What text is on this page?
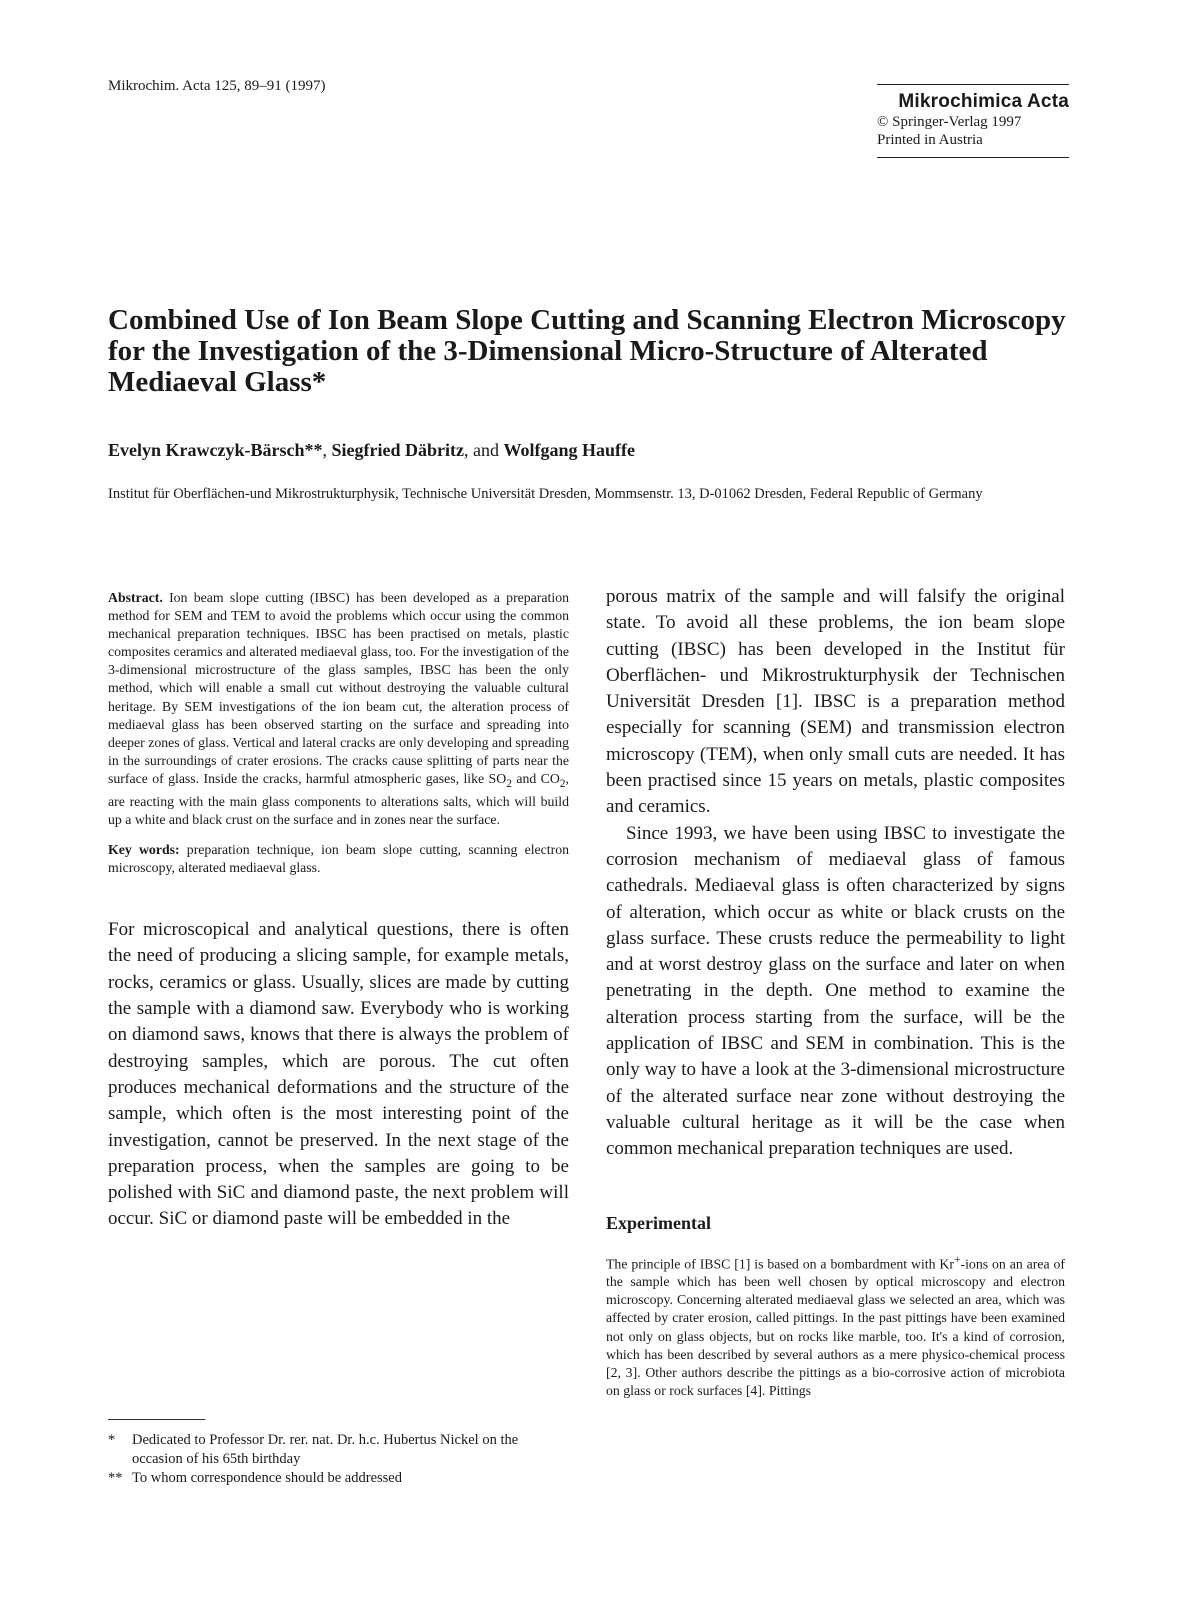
Mikrochim. Acta 125, 89–91 (1997)
Mikrochimica Acta
© Springer-Verlag 1997
Printed in Austria
Combined Use of Ion Beam Slope Cutting and Scanning Electron Microscopy for the Investigation of the 3-Dimensional Micro-Structure of Alterated Mediaeval Glass*
Evelyn Krawczyk-Bärsch**, Siegfried Däbritz, and Wolfgang Hauffe
Institut für Oberflächen-und Mikrostrukturphysik, Technische Universität Dresden, Mommsenstr. 13, D-01062 Dresden, Federal Republic of Germany

Abstract. Ion beam slope cutting (IBSC) has been developed as a preparation method for SEM and TEM to avoid the problems which occur using the common mechanical preparation techniques. IBSC has been practised on metals, plastic composites ceramics and alterated mediaeval glass, too. For the investigation of the 3-dimensional microstructure of the glass samples, IBSC has been the only method, which will enable a small cut without destroying the valuable cultural heritage. By SEM investigations of the ion beam cut, the alteration process of mediaeval glass has been observed starting on the surface and spreading into deeper zones of glass. Vertical and lateral cracks are only developing and spreading in the surroundings of crater erosions. The cracks cause splitting of parts near the surface of glass. Inside the cracks, harmful atmospheric gases, like $SO_2$ and $CO_2$, are reacting with the main glass components to alterations salts, which will build up a white and black crust on the surface and in zones near the surface.

Key words: preparation technique, ion beam slope cutting, scanning electron microscopy, alterated mediaeval glass.

For microscopical and analytical questions, there is often the need of producing a slicing sample, for example metals, rocks, ceramics or glass. Usually, slices are made by cutting the sample with a diamond saw. Everybody who is working on diamond saws, knows that there is always the problem of destroying samples, which are porous. The cut often produces mechanical deformations and the structure of the sample, which often is the most interesting point of the investigation, cannot be preserved. In the next stage of the preparation process, when the samples are going to be polished with SiC and diamond paste, the next problem will occur. SiC or diamond paste will be embedded in the

porous matrix of the sample and will falsify the original state. To avoid all these problems, the ion beam slope cutting (IBSC) has been developed in the Institut für Oberflächen- und Mikrostrukturphysik der Technischen Universität Dresden [1]. IBSC is a preparation method especially for scanning (SEM) and transmission electron microscopy (TEM), when only small cuts are needed. It has been practised since 15 years on metals, plastic composites and ceramics.

Since 1993, we have been using IBSC to investigate the corrosion mechanism of mediaeval glass of famous cathedrals. Mediaeval glass is often characterized by signs of alteration, which occur as white or black crusts on the glass surface. These crusts reduce the permeability to light and at worst destroy glass on the surface and later on when penetrating in the depth. One method to examine the alteration process starting from the surface, will be the application of IBSC and SEM in combination. This is the only way to have a look at the 3-dimensional microstructure of the alterated surface near zone without destroying the valuable cultural heritage as it will be the case when common mechanical preparation techniques are used.

Experimental

The principle of IBSC [1] is based on a bombardment with Kr+-ions on an area of the sample which has been well chosen by optical microscopy and electron microscopy. Concerning alterated mediaeval glass we selected an area, which was affected by crater erosion, called pittings. In the past pittings have been examined not only on glass objects, but on rocks like marble, too. It's a kind of corrosion, which has been described by several authors as a mere physico-chemical process [2, 3]. Other authors describe the pittings as a bio-corrosive action of microbiota on glass or rock surfaces [4]. Pittings

*	Dedicated to Professor Dr. rer. nat. Dr. h.c. Hubertus Nickel on the occasion of his 65th birthday
** To whom correspondence should be addressed
